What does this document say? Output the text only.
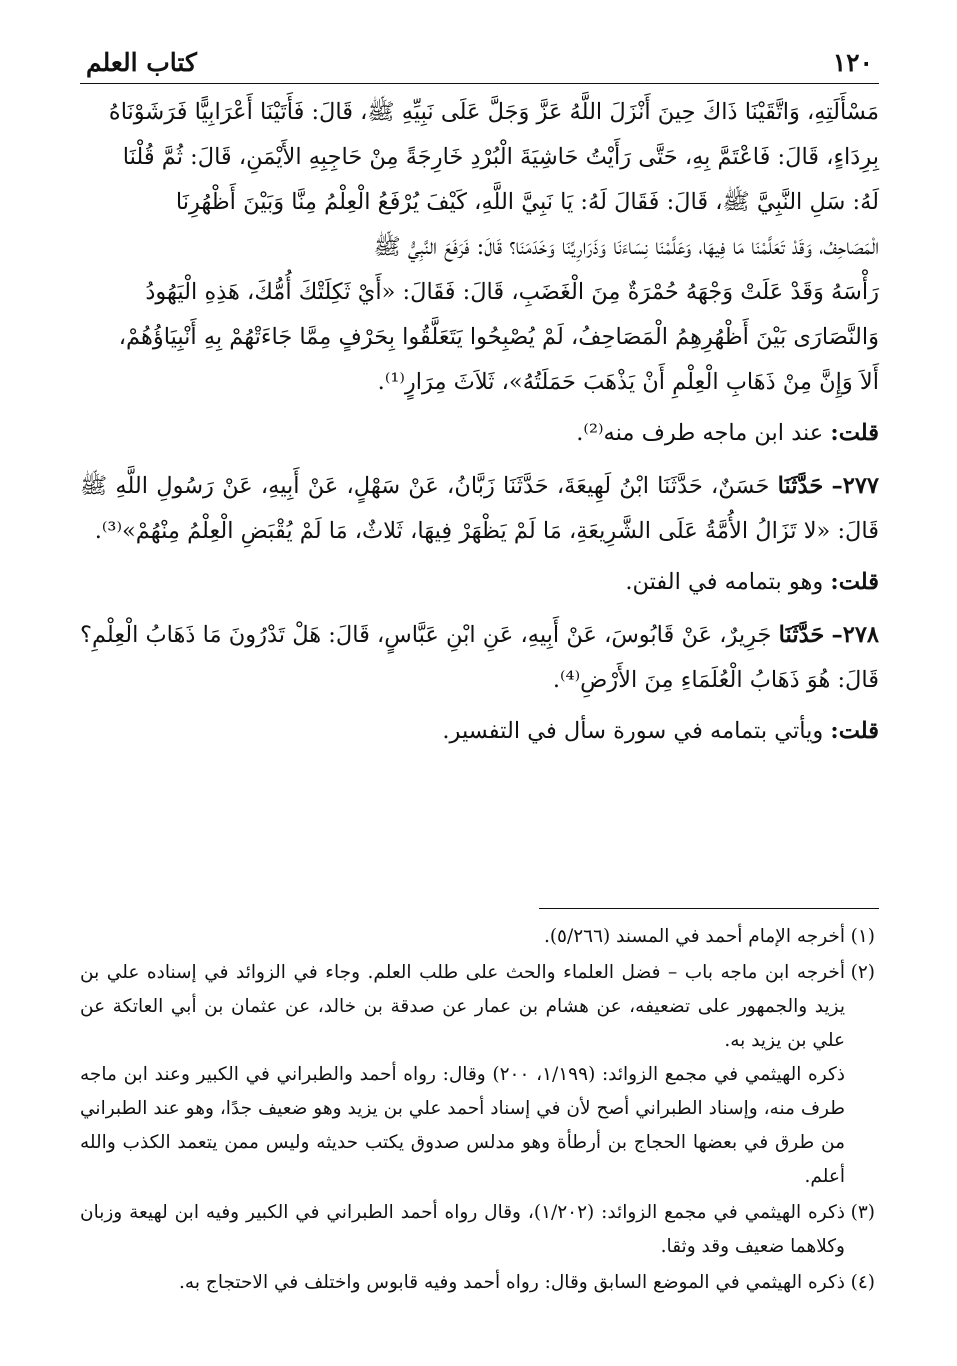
١٢٠
كتاب العلم

مَسْأَلَتِهِ، وَاتَّقَيْنَا ذَاكَ حِينَ أَنْزَلَ اللَّهُ عَزَّ وَجَلَّ عَلَى نَبِيِّهِ ﷺ، قَالَ: فَأَتَيْنَا أَعْرَابِيًّا فَرَشَوْنَاهُ

بِرِدَاءٍ، قَالَ: فَاعْتَمَّ بِهِ، حَتَّى رَأَيْتُ حَاشِيَةَ الْبُرْدِ خَارِجَةً مِنْ حَاجِبِهِ الأَيْمَنِ، قَالَ: ثُمَّ قُلْنَا

لَهُ: سَلِ النَّبِيَّ ﷺ، قَالَ: فَقَالَ لَهُ: يَا نَبِيَّ اللَّهِ، كَيْفَ يُرْفَعُ الْعِلْمُ مِنَّا وَبَيْنَ أَظْهُرِنَا

الْمَصَاحِفُ، وَقَدْ تَعَلَّمْنَا مَا فِيهَا، وَعَلَّمْنَا نِسَاءَنَا وَذَرَارِيَّنَا وَخَدَمَنَا؟ قَالَ: فَرَفَعَ النَّبِيُّ ﷺ

رَأْسَهُ وَقَدْ عَلَتْ وَجْهَهُ حُمْرَةٌ مِنَ الْغَضَبِ، قَالَ: فَقَالَ: «أَيْ ثَكِلَتْكَ أُمُّكَ، هَذِهِ الْيَهُودُ

وَالنَّصَارَى بَيْنَ أَظْهُرِهِمُ الْمَصَاحِفُ، لَمْ يُصْبِحُوا يَتَعَلَّقُوا بِحَرْفٍ مِمَّا جَاءَتْهُمْ بِهِ أَنْبِيَاؤُهُمْ،

أَلاَ وَإِنَّ مِنْ ذَهَابِ الْعِلْمِ أَنْ يَذْهَبَ حَمَلَتُهُ»، ثَلاَثَ مِرَارٍ⁽¹⁾.

قلت: عند ابن ماجه طرف منه⁽²⁾.

٢٧٧– حَدَّثَنَا حَسَنٌ، حَدَّثَنَا ابْنُ لَهِيعَةَ، حَدَّثَنَا زَبَّانُ، عَنْ سَهْلٍ، عَنْ أَبِيهِ، عَنْ رَسُولِ اللَّهِ ﷺ قَالَ: «لا تَزَالُ الأُمَّةُ عَلَى الشَّرِيعَةِ، مَا لَمْ يَظْهَرْ فِيهَا، ثَلاثٌ، مَا لَمْ يُقْبَضِ الْعِلْمُ مِنْهُمْ»⁽³⁾.

قلت: وهو بتمامه في الفتن.

٢٧٨– حَدَّثَنَا جَرِيرٌ، عَنْ قَابُوسَ، عَنْ أَبِيهِ، عَنِ ابْنِ عَبَّاسٍ، قَالَ: هَلْ تَدْرُونَ مَا ذَهَابُ الْعِلْمِ؟ قَالَ: هُوَ ذَهَابُ الْعُلَمَاءِ مِنَ الأَرْضِ⁽⁴⁾.

قلت: ويأتي بتمامه في سورة سأل في التفسير.

(١)

أخرجه الإمام أحمد في المسند (٥/٢٦٦).

(٢)

أخرجه ابن ماجه باب – فضل العلماء والحث على طلب العلم. وجاء في الزوائد في إسناده علي بن يزيد والجمهور على تضعيفه، عن هشام بن عمار عن صدقة بن خالد، عن عثمان بن أبي العاتكة عن علي بن يزيد به.

ذكره الهيثمي في مجمع الزوائد: (١/١٩٩، ٢٠٠) وقال: رواه أحمد والطبراني في الكبير وعند ابن ماجه طرف منه، وإسناد الطبراني أصح لأن في إسناد أحمد علي بن يزيد وهو ضعيف جدًا، وهو عند الطبراني من طرق في بعضها الحجاج بن أرطأة وهو مدلس صدوق يكتب حديثه وليس ممن يتعمد الكذب والله أعلم.

(٣)

ذكره الهيثمي في مجمع الزوائد: (١/٢٠٢)، وقال رواه أحمد الطبراني في الكبير وفيه ابن لهيعة وزبان وكلاهما ضعيف وقد وثقا.

(٤)

ذكره الهيثمي في الموضع السابق وقال: رواه أحمد وفيه قابوس واختلف في الاحتجاج به.
